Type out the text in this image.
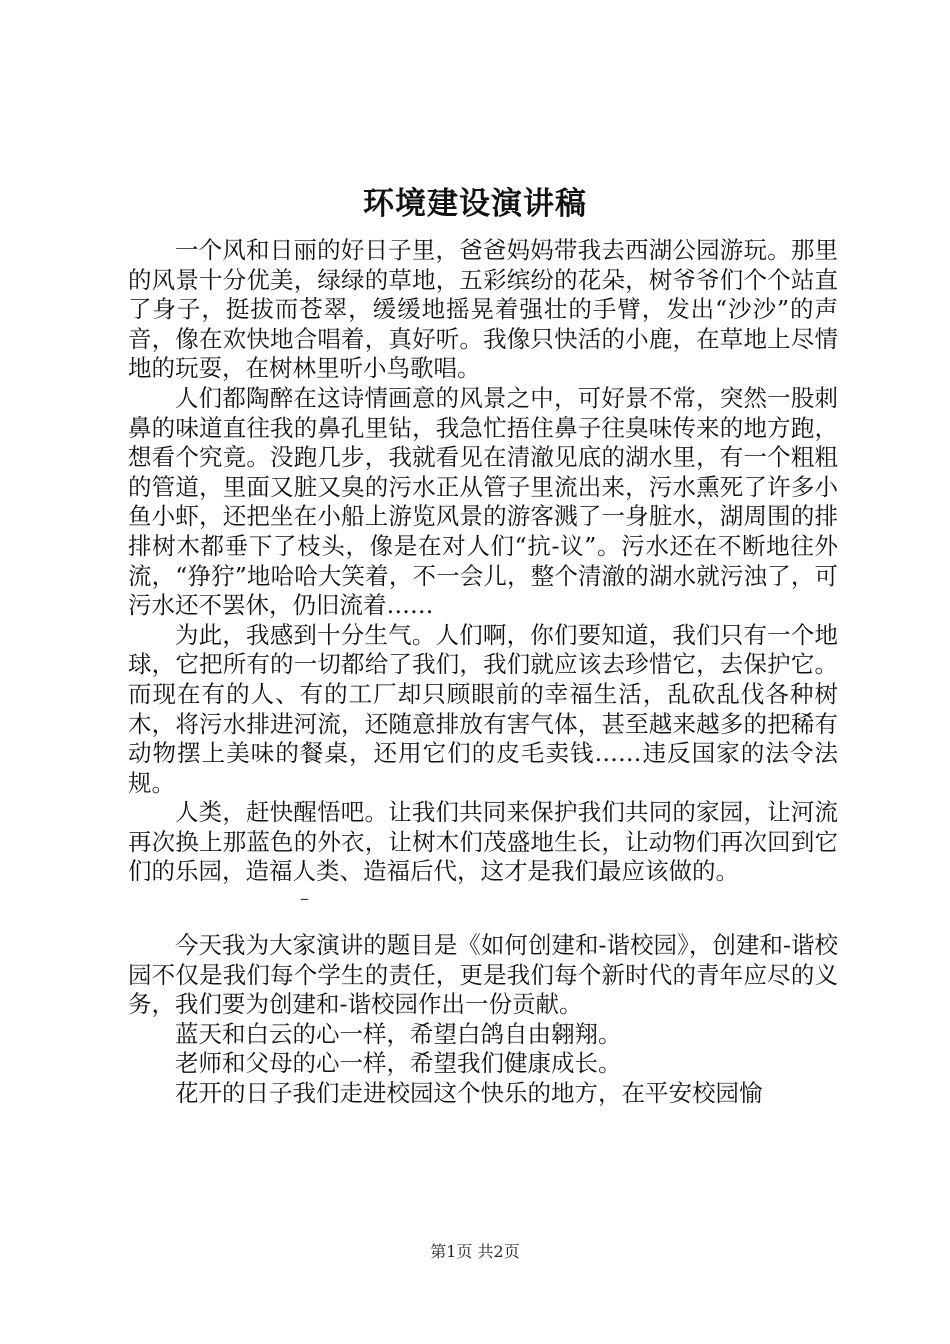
环境建设演讲稿

一个风和日丽的好日子里，爸爸妈妈带我去西湖公园游玩。那里的风景十分优美，绿绿的草地，五彩缤纷的花朵，树爷爷们个个站直了身子，挺拔而苍翠，缓缓地摇晃着强壮的手臂，发出“沙沙”的声音，像在欢快地合唱着，真好听。我像只快活的小鹿，在草地上尽情地的玩耍，在树林里听小鸟歌唱。

人们都陶醉在这诗情画意的风景之中，可好景不常，突然一股刺鼻的味道直往我的鼻孔里钻，我急忙捂住鼻子往臭味传来的地方跑，想看个究竟。没跑几步，我就看见在清澈见底的湖水里，有一个粗粗的管道，里面又脏又臭的污水正从管子里流出来，污水熏死了许多小鱼小虾，还把坐在小船上游览风景的游客溅了一身脏水，湖周围的排排树木都垂下了枝头，像是在对人们“抗-议”。污水还在不断地往外流，“狰狞”地哈哈大笑着，不一会儿，整个清澈的湖水就污浊了，可污水还不罢休，仍旧流着……

为此，我感到十分生气。人们啊，你们要知道，我们只有一个地球，它把所有的一切都给了我们，我们就应该去珍惜它，去保护它。而现在有的人、有的工厂却只顾眼前的幸福生活，乱砍乱伐各种树木，将污水排进河流，还随意排放有害气体，甚至越来越多的把稀有动物摆上美味的餐桌，还用它们的皮毛卖钱……违反国家的法令法规。

人类，赶快醒悟吧。让我们共同来保护我们共同的家园，让河流再次换上那蓝色的外衣，让树木们茂盛地生长，让动物们再次回到它们的乐园，造福人类、造福后代，这才是我们最应该做的。

–

今天我为大家演讲的题目是《如何创建和-谐校园》，创建和-谐校园不仅是我们每个学生的责任，更是我们每个新时代的青年应尽的义务，我们要为创建和-谐校园作出一份贡献。

蓝天和白云的心一样，希望白鸽自由翱翔。

老师和父母的心一样，希望我们健康成长。

花开的日子我们走进校园这个快乐的地方，在平安校园愉

第1页 共2页
